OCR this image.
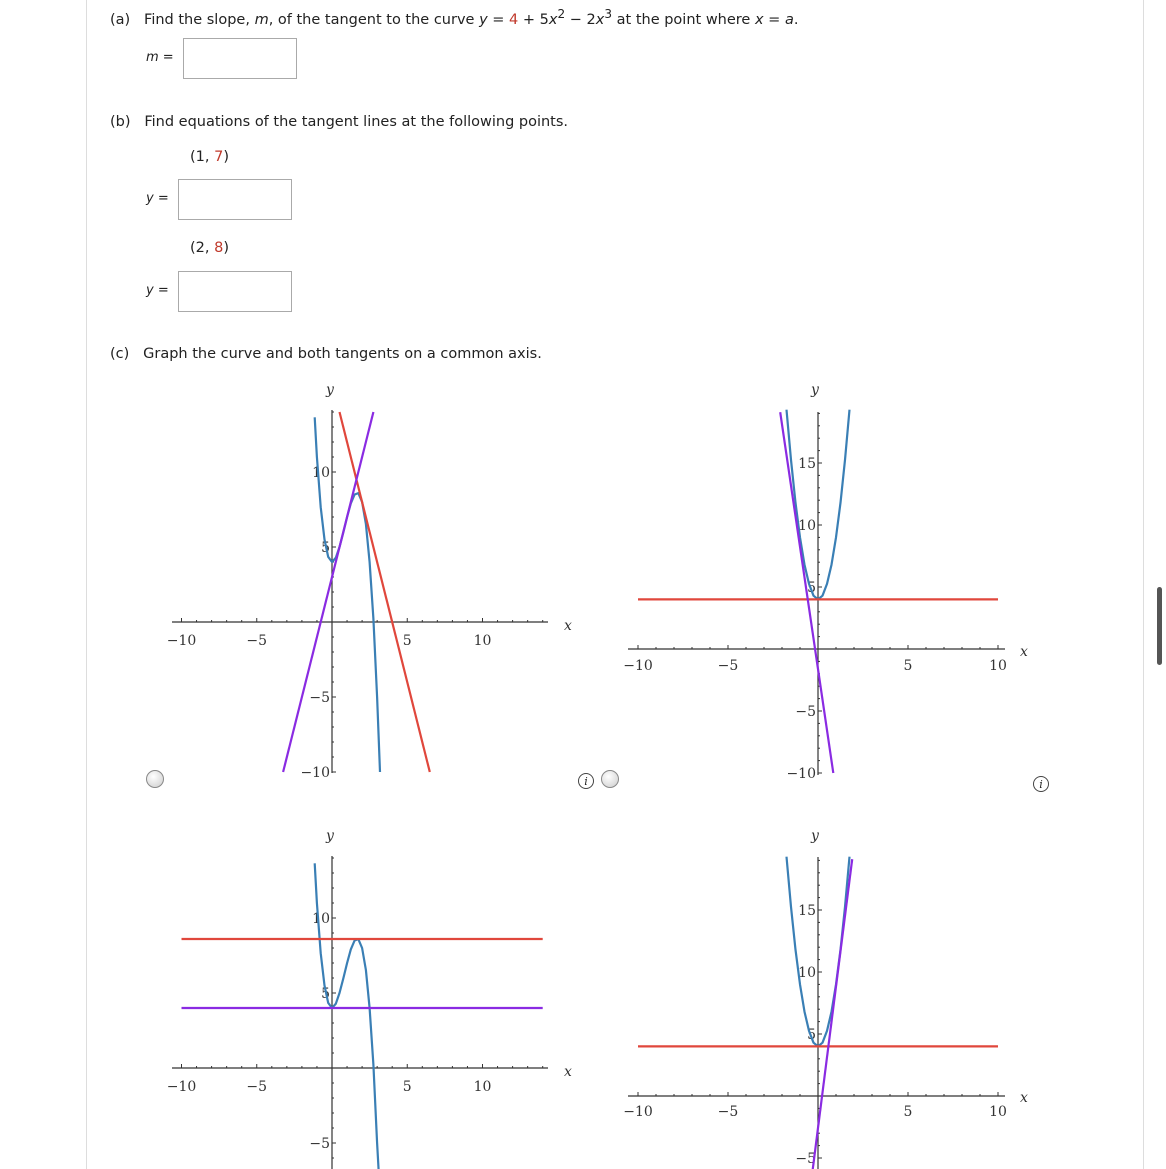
(a) Find the slope, m, of the tangent to the curve $y = 4 + 5x^2 - 2x^3$ at the point where x = a.
m =
(b) Find equations of the tangent lines at the following points.
(1, 7)
y =
(2, 8)
y =
(c) Graph the curve and both tangents on a common axis.
i	i
−10	−5	5	10
10
5
−5
−10
x
y
−10	−5	5	10
15
10
5
−5
−10
x
y
−10	−5	5	10
10
5
−5
x
y
−10	−5	5	10
15
10
5
−5
x
y
